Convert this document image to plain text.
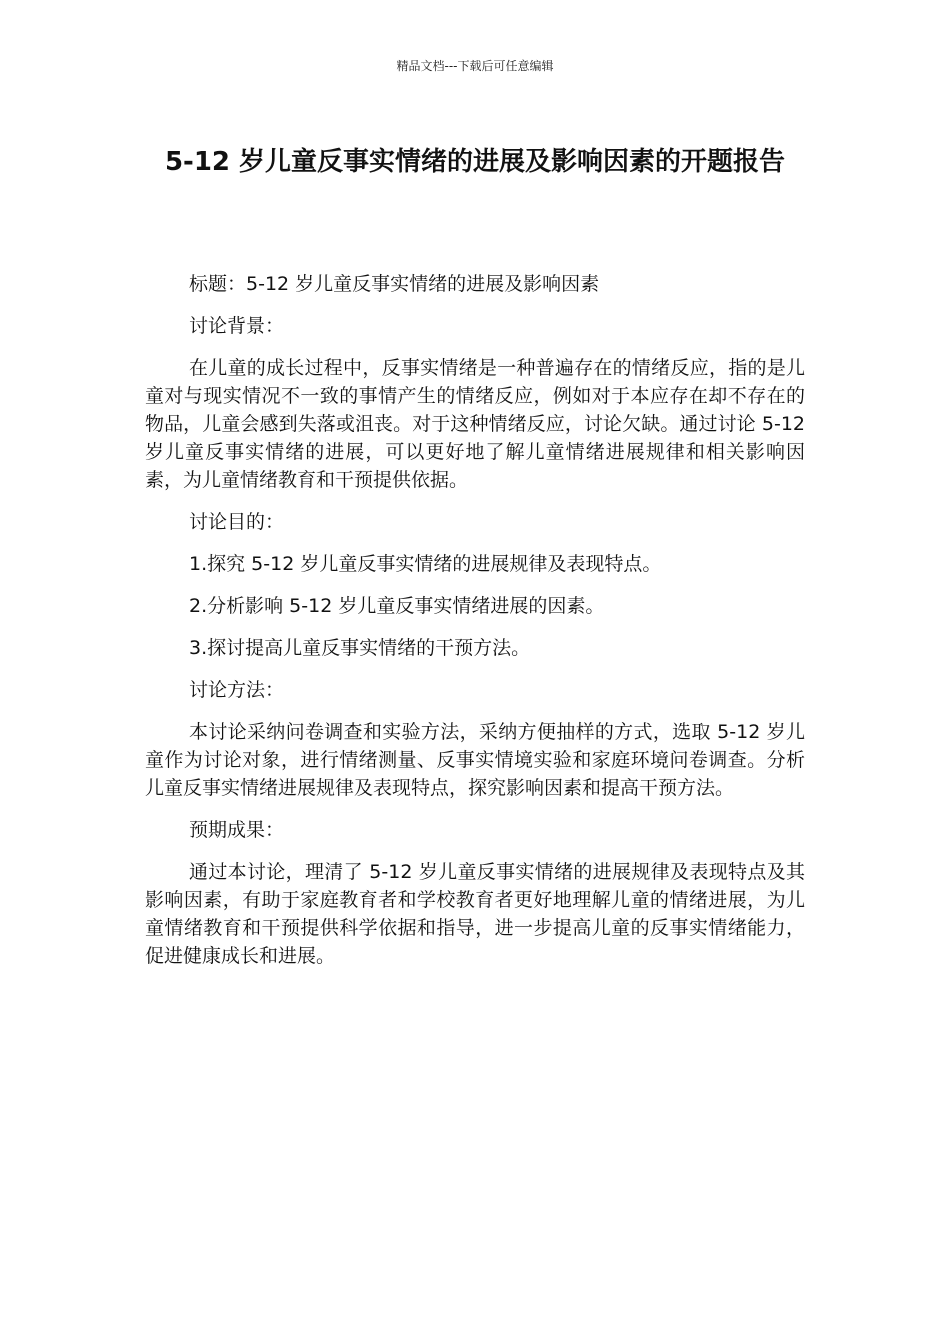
精品文档---下载后可任意编辑
5-12 岁儿童反事实情绪的进展及影响因素的开题报告

标题：5-12 岁儿童反事实情绪的进展及影响因素

讨论背景：

在儿童的成长过程中，反事实情绪是一种普遍存在的情绪反应，指的是儿童对与现实情况不一致的事情产生的情绪反应，例如对于本应存在却不存在的物品，儿童会感到失落或沮丧。对于这种情绪反应，讨论欠缺。通过讨论 5-12 岁儿童反事实情绪的进展，可以更好地了解儿童情绪进展规律和相关影响因素，为儿童情绪教育和干预提供依据。

讨论目的：

1.探究 5-12 岁儿童反事实情绪的进展规律及表现特点。

2.分析影响 5-12 岁儿童反事实情绪进展的因素。

3.探讨提高儿童反事实情绪的干预方法。

讨论方法：

本讨论采纳问卷调查和实验方法，采纳方便抽样的方式，选取 5-12 岁儿童作为讨论对象，进行情绪测量、反事实情境实验和家庭环境问卷调查。分析儿童反事实情绪进展规律及表现特点，探究影响因素和提高干预方法。

预期成果：

通过本讨论，理清了 5-12 岁儿童反事实情绪的进展规律及表现特点及其影响因素，有助于家庭教育者和学校教育者更好地理解儿童的情绪进展，为儿童情绪教育和干预提供科学依据和指导，进一步提高儿童的反事实情绪能力，促进健康成长和进展。
